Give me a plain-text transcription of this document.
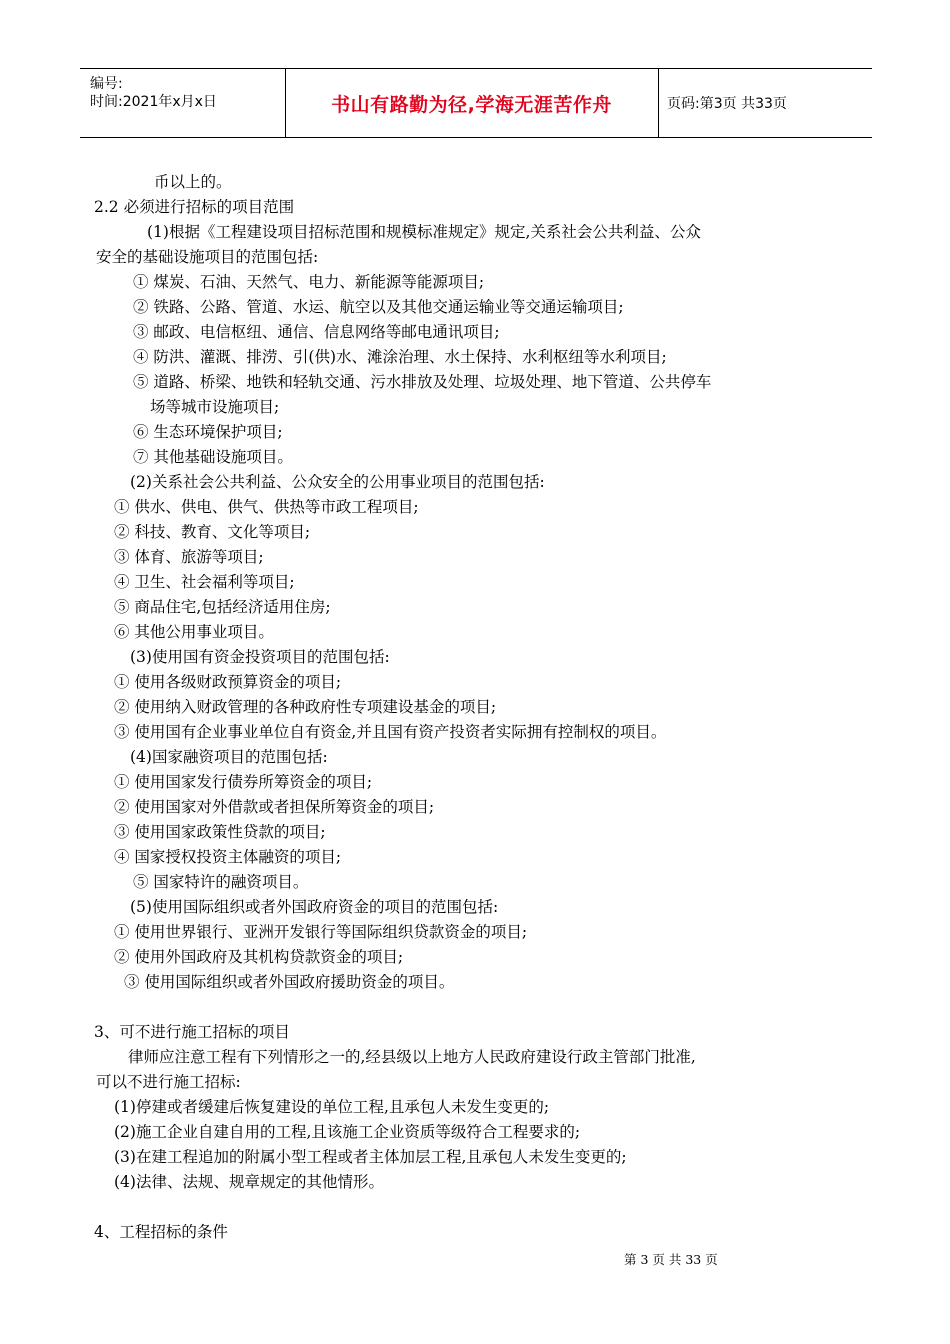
编号:
时间:2021年x月x日	书山有路勤为径,学海无涯苦作舟	页码:第3页 共33页
币以上的。
2.2 必须进行招标的项目范围
(1)根据《工程建设项目招标范围和规模标准规定》规定,关系社会公共利益、公众
安全的基础设施项目的范围包括:
① 煤炭、石油、天然气、电力、新能源等能源项目;
② 铁路、公路、管道、水运、航空以及其他交通运输业等交通运输项目;
③ 邮政、电信枢纽、通信、信息网络等邮电通讯项目;
④ 防洪、灌溉、排涝、引(供)水、滩涂治理、水土保持、水利枢纽等水利项目;
⑤ 道路、桥梁、地铁和轻轨交通、污水排放及处理、垃圾处理、地下管道、公共停车
场等城市设施项目;
⑥ 生态环境保护项目;
⑦ 其他基础设施项目。
(2)关系社会公共利益、公众安全的公用事业项目的范围包括:
① 供水、供电、供气、供热等市政工程项目;
② 科技、教育、文化等项目;
③ 体育、旅游等项目;
④ 卫生、社会福利等项目;
⑤ 商品住宅,包括经济适用住房;
⑥ 其他公用事业项目。
(3)使用国有资金投资项目的范围包括:
① 使用各级财政预算资金的项目;
② 使用纳入财政管理的各种政府性专项建设基金的项目;
③ 使用国有企业事业单位自有资金,并且国有资产投资者实际拥有控制权的项目。
(4)国家融资项目的范围包括:
① 使用国家发行债券所筹资金的项目;
② 使用国家对外借款或者担保所筹资金的项目;
③ 使用国家政策性贷款的项目;
④ 国家授权投资主体融资的项目;
⑤ 国家特许的融资项目。
(5)使用国际组织或者外国政府资金的项目的范围包括:
① 使用世界银行、亚洲开发银行等国际组织贷款资金的项目;
② 使用外国政府及其机构贷款资金的项目;
③ 使用国际组织或者外国政府援助资金的项目。
3、可不进行施工招标的项目
律师应注意工程有下列情形之一的,经县级以上地方人民政府建设行政主管部门批准,
可以不进行施工招标:
(1)停建或者缓建后恢复建设的单位工程,且承包人未发生变更的;
(2)施工企业自建自用的工程,且该施工企业资质等级符合工程要求的;
(3)在建工程追加的附属小型工程或者主体加层工程,且承包人未发生变更的;
(4)法律、法规、规章规定的其他情形。
4、工程招标的条件
第 3 页 共 33 页
